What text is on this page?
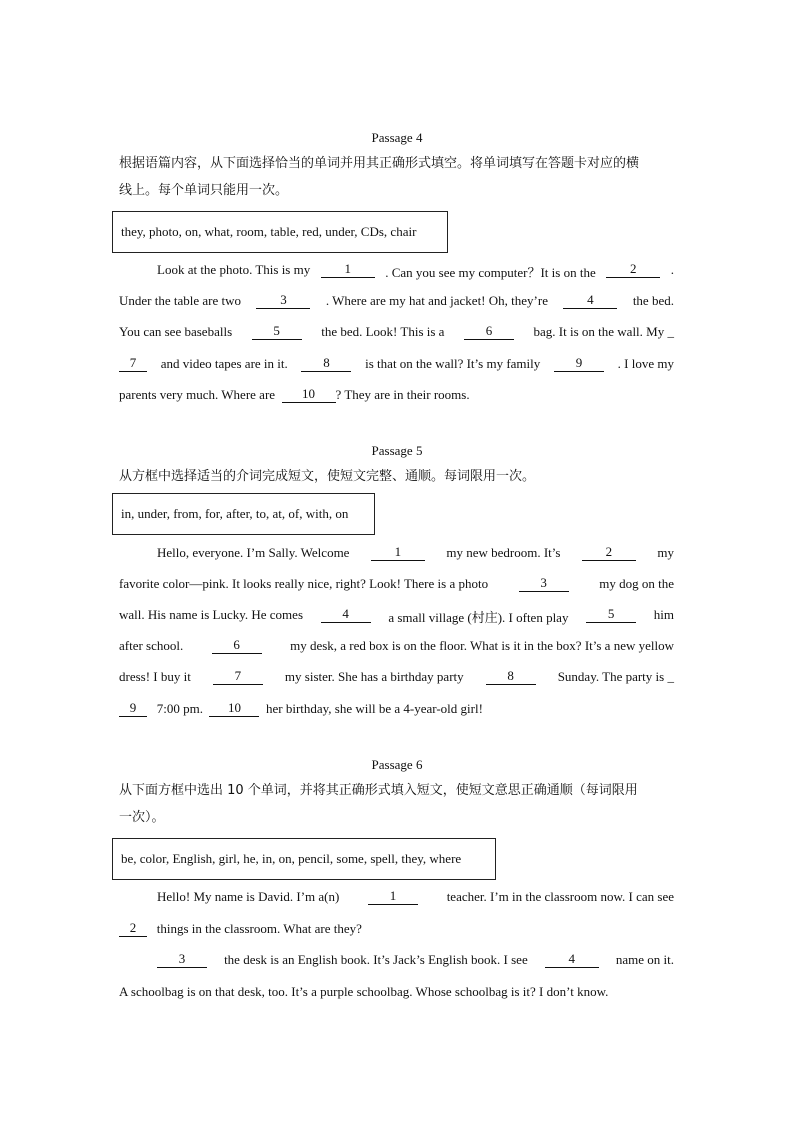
Passage 4
根据语篇内容，从下面选择恰当的单词并用其正确形式填空。将单词填写在答题卡对应的横
线上。每个单词只能用一次。
they, photo, on, what, room, table, red, under, CDs, chair
Look at the photo. This is my	1	. Can you see my computer？It is on the	2	.
Under the table are two	3	. Where are my hat and jacket! Oh, they’re	4	the bed.
You can see baseballs	5	the bed. Look! This is a	6	bag. It is on the wall. My _
7	and video tapes are in it.	8	is that on the wall? It’s my family	9	. I love my
parents very much. Where are
	10	? They are in their rooms.
Passage 5
从方框中选择适当的介词完成短文，使短文完整、通顺。每词限用一次。
in, under, from, for, after, to, at, of, with, on
Hello, everyone. I’m Sally. Welcome	1	my new bedroom. It’s	2	my
favorite color—pink. It looks really nice, right? Look! There is a photo	3	my dog on the
wall. His name is Lucky. He comes	4	a small village (村庄). I often play	5	him
after school.	6	my desk, a red box is on the floor. What is it in the box? It’s a new yellow
dress! I buy it	7	my sister. She has a birthday party	8	Sunday. The party is _
9
	7:00 pm.
	10
	her birthday, she will be a 4-year-old girl!
Passage 6
从下面方框中选出 10 个单词，并将其正确形式填入短文，使短文意思正确通顺（每词限用
一次）。
be, color, English, girl, he, in, on, pencil, some, spell, they, where
Hello! My name is David. I’m a(n)	1	teacher. I’m in the classroom now. I can see
2
	things in the classroom. What are they?
3	the desk is an English book. It’s Jack’s English book. I see	4	name on it.
A schoolbag is on that desk, too. It’s a purple schoolbag. Whose schoolbag is it? I don’t know.
